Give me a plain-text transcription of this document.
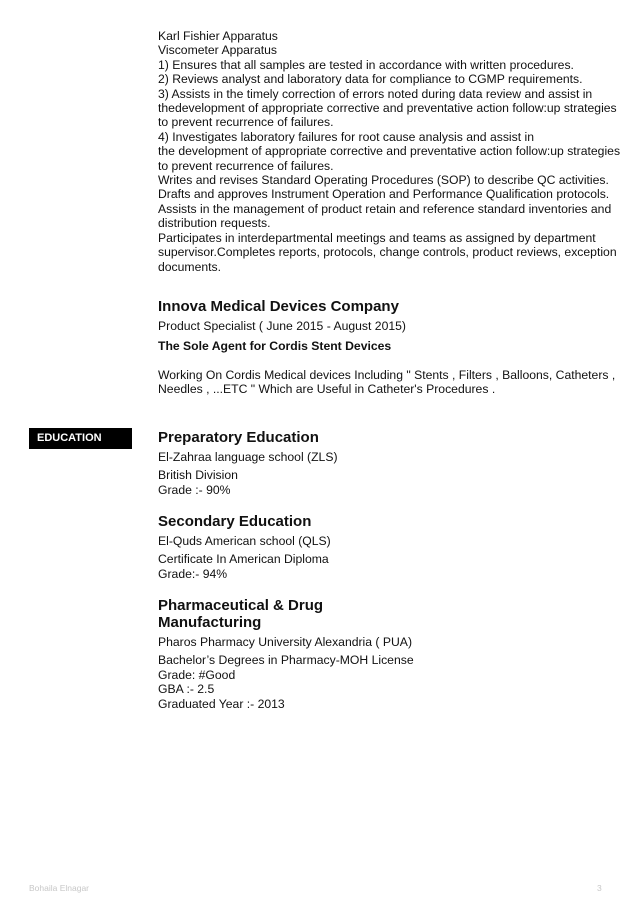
Karl Fishier Apparatus
Viscometer Apparatus
1) Ensures that all samples are tested in accordance with written procedures.
2) Reviews analyst and laboratory data for compliance to CGMP requirements.
3) Assists in the timely correction of errors noted during data review and assist in
thedevelopment of appropriate corrective and preventative action follow:up strategies
to prevent recurrence of failures.
4) Investigates laboratory failures for root cause analysis and assist in
the development of appropriate corrective and preventative action follow:up strategies
to prevent recurrence of failures.
Writes and revises Standard Operating Procedures (SOP) to describe QC activities.
Drafts and approves Instrument Operation and Performance Qualification protocols.
Assists in the management of product retain and reference standard inventories and
distribution requests.
Participates in interdepartmental meetings and teams as assigned by department
supervisor.Completes reports, protocols, change controls, product reviews, exception
documents.
Innova Medical Devices Company
Product Specialist ( June 2015 - August 2015)
The Sole Agent for Cordis Stent Devices
Working On Cordis Medical devices Including " Stents , Filters , Balloons, Catheters ,
Needles , ...ETC " Which are Useful in Catheter's Procedures .
EDUCATION	Preparatory Education
El-Zahraa language school (ZLS)
British Division
Grade :- 90%
Secondary Education
El-Quds American school (QLS)
Certificate In American Diploma
Grade:- 94%
Pharmaceutical & Drug
Manufacturing
Pharos Pharmacy University Alexandria ( PUA)
Bachelor’s Degrees in Pharmacy-MOH License
Grade: #Good
GBA :- 2.5
Graduated Year :- 2013
Bohaila Elnagar	3
